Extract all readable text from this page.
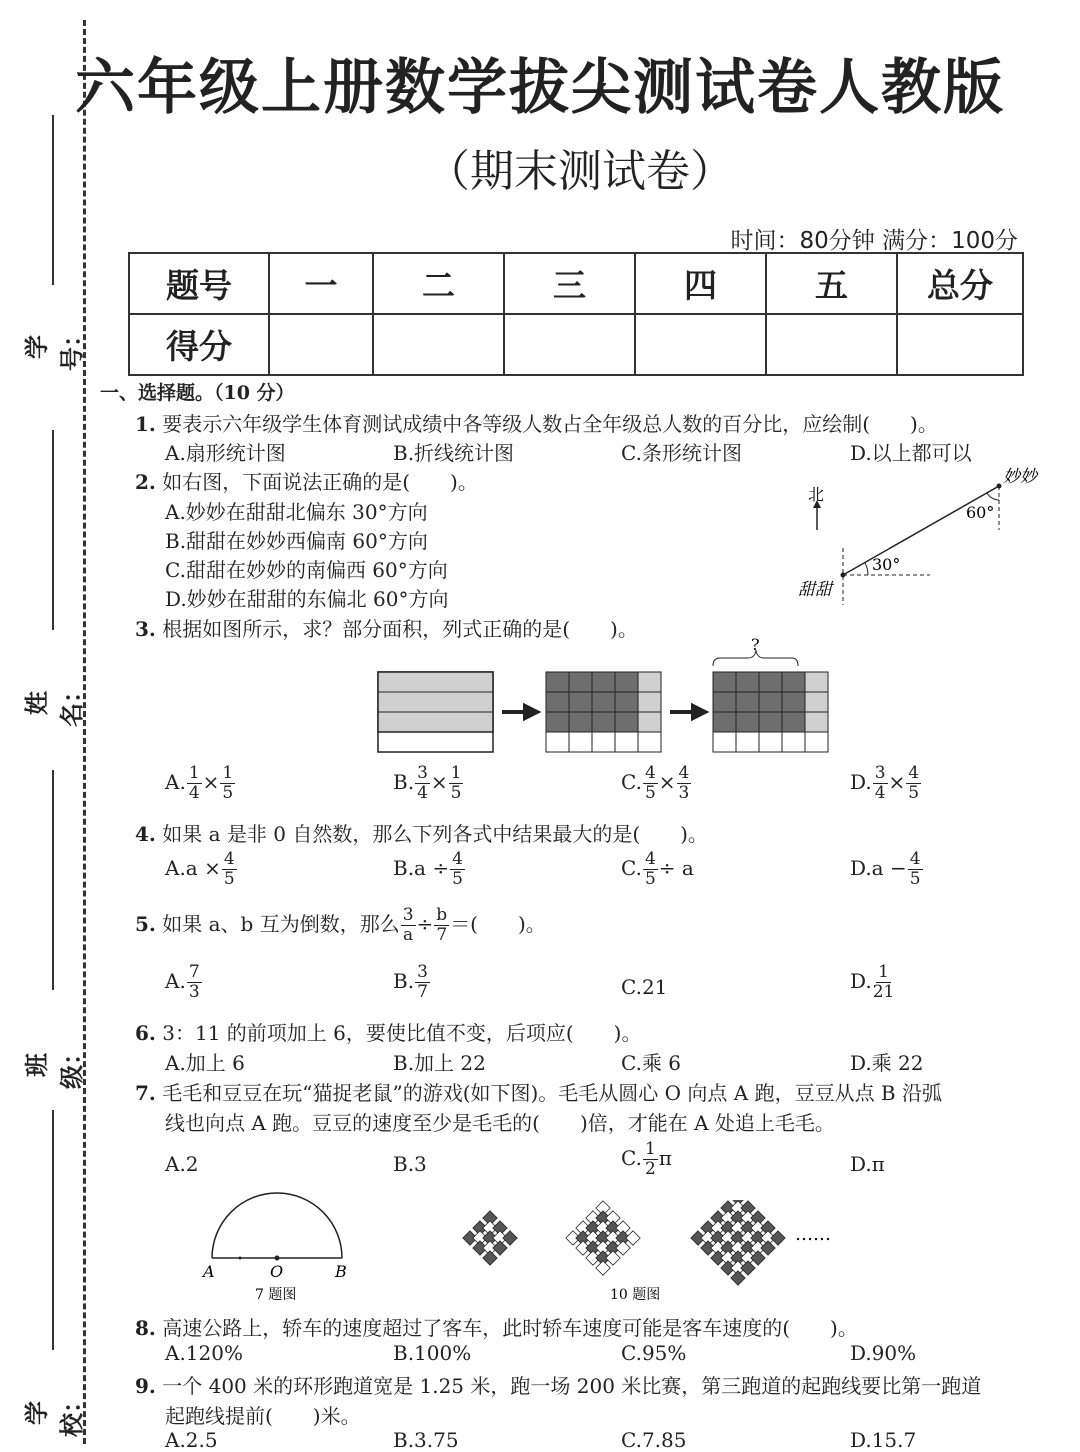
学号：
姓名：
班级：
学校：
六年级上册数学拔尖测试卷人教版
（期末测试卷）
时间：80分钟 满分：100分
题号	一	二	三	四	五	总分
得分						
一、选择题。（10 分）
1. 要表示六年级学生体育测试成绩中各等级人数占全年级总人数的百分比，应绘制(　　)。
A.扇形统计图	B.折线统计图	C.条形统计图	D.以上都可以
2. 如右图，下面说法正确的是(　　)。
A.妙妙在甜甜北偏东 30°方向
B.甜甜在妙妙西偏南 60°方向
C.甜甜在妙妙的南偏西 60°方向
D.妙妙在甜甜的东偏北 60°方向
北
30°
60°
妙妙
甜甜
3. 根据如图所示，求？部分面积，列式正确的是(　　)。
?
A. $\frac{1}{4} \times \frac{1}{5}$	B. $\frac{3}{4} \times \frac{1}{5}$	C. $\frac{4}{5} \times \frac{4}{3}$	D. $\frac{3}{4} \times \frac{4}{5}$
4. 如果 a 是非 0 自然数，那么下列各式中结果最大的是(　　)。
$A.a \times \frac{4}{5}$	$B.a \div \frac{4}{5}$	C. $\frac{4}{5} \div a$	$D.a - \frac{4}{5}$
5. 如果 a、b 互为倒数，那么 $\frac{3}{a} \div \frac{b}{7}$ ＝(　　)。
A. $\frac{7}{3}$	B. $\frac{3}{7}$	C.21	D. $\frac{1}{21}$
6. 3：11 的前项加上 6，要使比值不变，后项应(　　)。
A.加上 6	B.加上 22	C.乘 6	D.乘 22
7. 毛毛和豆豆在玩“猫捉老鼠”的游戏(如下图)。毛毛从圆心 O 向点 A 跑，豆豆从点 B 沿弧
线也向点 A 跑。豆豆的速度至少是毛毛的(　　)倍，才能在 A 处追上毛毛。
A.2	B.3	C. $\frac{1}{2}$ π	D.π
A	O	B
7 题图
……
10 题图
8. 高速公路上，轿车的速度超过了客车，此时轿车速度可能是客车速度的(　　)。
A.120%	B.100%	C.95%	D.90%
9. 一个 400 米的环形跑道宽是 1.25 米，跑一场 200 米比赛，第三跑道的起跑线要比第一跑道
起跑线提前(　　)米。
A.2.5	B.3.75	C.7.85	D.15.7
